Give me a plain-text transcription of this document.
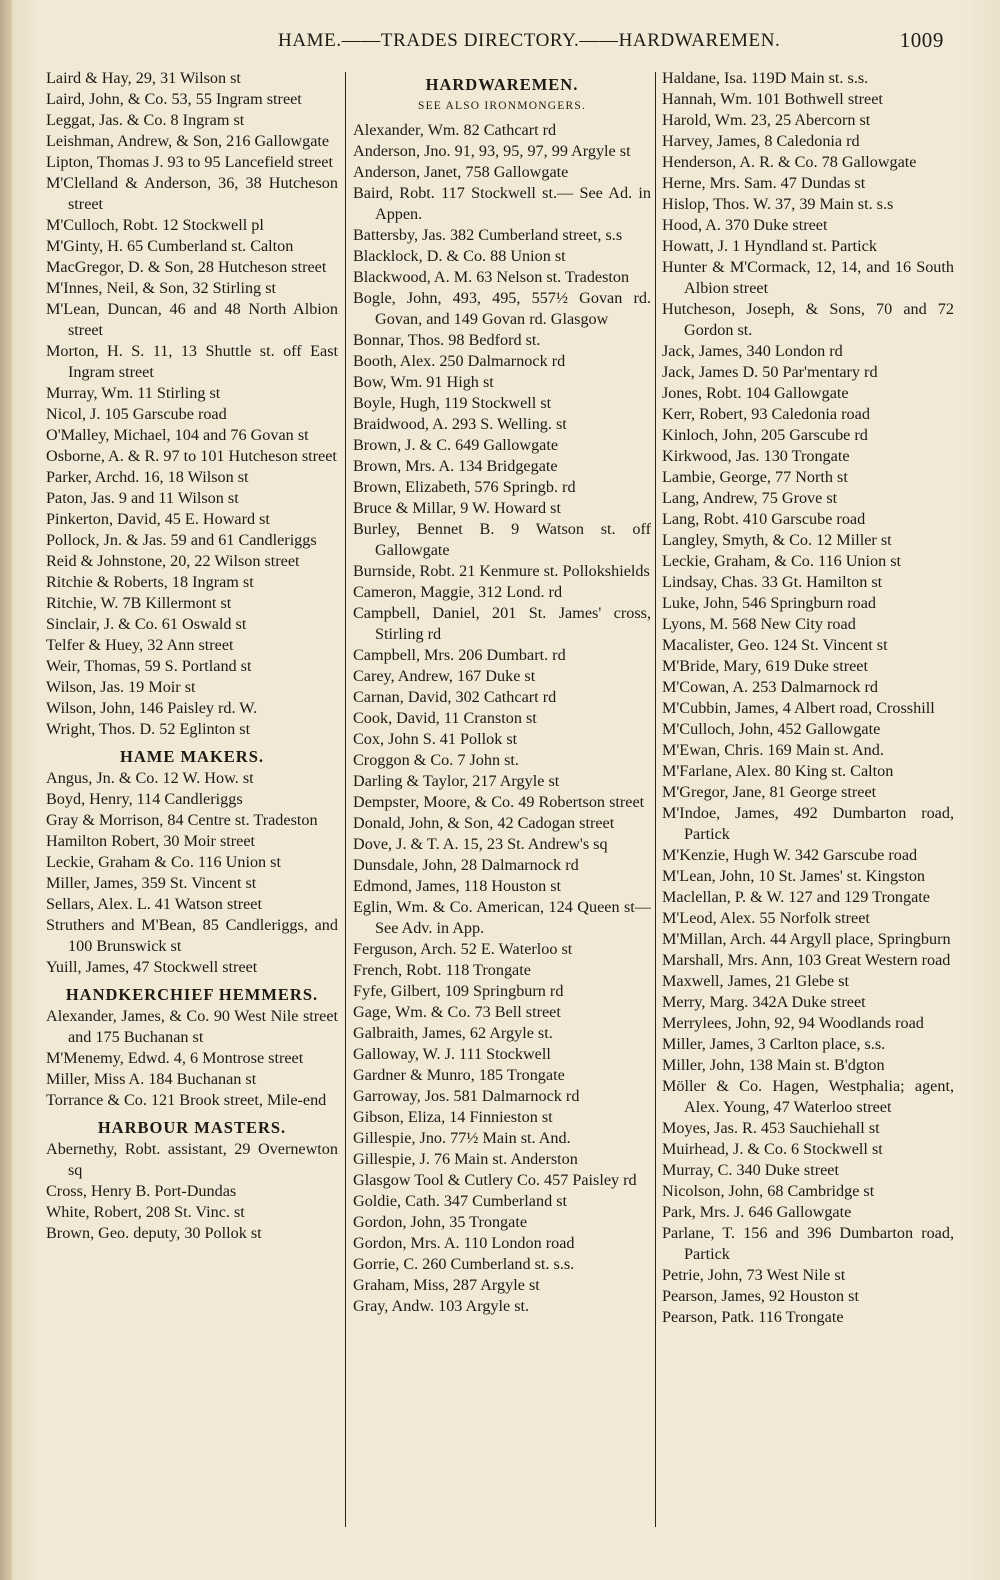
HAME.——TRADES DIRECTORY.——HARDWAREMEN.	1009
Laird & Hay, 29, 31 Wilson st
Laird, John, & Co. 53, 55 Ingram street
Leggat, Jas. & Co. 8 Ingram st
Leishman, Andrew, & Son, 216 Gallowgate
Lipton, Thomas J. 93 to 95 Lancefield street
M'Clelland & Anderson, 36, 38 Hutcheson street
M'Culloch, Robt. 12 Stockwell pl
M'Ginty, H. 65 Cumberland st. Calton
MacGregor, D. & Son, 28 Hutcheson street
M'Innes, Neil, & Son, 32 Stirling st
M'Lean, Duncan, 46 and 48 North Albion street
Morton, H. S. 11, 13 Shuttle st. off East Ingram street
Murray, Wm. 11 Stirling st
Nicol, J. 105 Garscube road
O'Malley, Michael, 104 and 76 Govan st
Osborne, A. & R. 97 to 101 Hutcheson street
Parker, Archd. 16, 18 Wilson st
Paton, Jas. 9 and 11 Wilson st
Pinkerton, David, 45 E. Howard st
Pollock, Jn. & Jas. 59 and 61 Candleriggs
Reid & Johnstone, 20, 22 Wilson street
Ritchie & Roberts, 18 Ingram st
Ritchie, W. 7B Killermont st
Sinclair, J. & Co. 61 Oswald st
Telfer & Huey, 32 Ann street
Weir, Thomas, 59 S. Portland st
Wilson, Jas. 19 Moir st
Wilson, John, 146 Paisley rd. W.
Wright, Thos. D. 52 Eglinton st
HAME MAKERS.
Angus, Jn. & Co. 12 W. How. st
Boyd, Henry, 114 Candleriggs
Gray & Morrison, 84 Centre st. Tradeston
Hamilton Robert, 30 Moir street
Leckie, Graham & Co. 116 Union st
Miller, James, 359 St. Vincent st
Sellars, Alex. L. 41 Watson street
Struthers and M'Bean, 85 Candleriggs, and 100 Brunswick st
Yuill, James, 47 Stockwell street
HANDKERCHIEF HEMMERS.
Alexander, James, & Co. 90 West Nile street and 175 Buchanan st
M'Menemy, Edwd. 4, 6 Montrose street
Miller, Miss A. 184 Buchanan st
Torrance & Co. 121 Brook street, Mile-end
HARBOUR MASTERS.
Abernethy, Robt. assistant, 29 Overnewton sq
Cross, Henry B. Port-Dundas
White, Robert, 208 St. Vinc. st
Brown, Geo. deputy, 30 Pollok st
HARDWAREMEN.
SEE ALSO IRONMONGERS.
Alexander, Wm. 82 Cathcart rd
Anderson, Jno. 91, 93, 95, 97, 99 Argyle st
Anderson, Janet, 758 Gallowgate
Baird, Robt. 117 Stockwell st.— See Ad. in Appen.
Battersby, Jas. 382 Cumberland street, s.s
Blacklock, D. & Co. 88 Union st
Blackwood, A. M. 63 Nelson st. Tradeston
Bogle, John, 493, 495, 557½ Govan rd. Govan, and 149 Govan rd. Glasgow
Bonnar, Thos. 98 Bedford st.
Booth, Alex. 250 Dalmarnock rd
Bow, Wm. 91 High st
Boyle, Hugh, 119 Stockwell st
Braidwood, A. 293 S. Welling. st
Brown, J. & C. 649 Gallowgate
Brown, Mrs. A. 134 Bridgegate
Brown, Elizabeth, 576 Springb. rd
Bruce & Millar, 9 W. Howard st
Burley, Bennet B. 9 Watson st. off Gallowgate
Burnside, Robt. 21 Kenmure st. Pollokshields
Cameron, Maggie, 312 Lond. rd
Campbell, Daniel, 201 St. James' cross, Stirling rd
Campbell, Mrs. 206 Dumbart. rd
Carey, Andrew, 167 Duke st
Carnan, David, 302 Cathcart rd
Cook, David, 11 Cranston st
Cox, John S. 41 Pollok st
Croggon & Co. 7 John st.
Darling & Taylor, 217 Argyle st
Dempster, Moore, & Co. 49 Robertson street
Donald, John, & Son, 42 Cadogan street
Dove, J. & T. A. 15, 23 St. Andrew's sq
Dunsdale, John, 28 Dalmarnock rd
Edmond, James, 118 Houston st
Eglin, Wm. & Co. American, 124 Queen st—See Adv. in App.
Ferguson, Arch. 52 E. Waterloo st
French, Robt. 118 Trongate
Fyfe, Gilbert, 109 Springburn rd
Gage, Wm. & Co. 73 Bell street
Galbraith, James, 62 Argyle st.
Galloway, W. J. 111 Stockwell
Gardner & Munro, 185 Trongate
Garroway, Jos. 581 Dalmarnock rd
Gibson, Eliza, 14 Finnieston st
Gillespie, Jno. 77½ Main st. And.
Gillespie, J. 76 Main st. Anderston
Glasgow Tool & Cutlery Co. 457 Paisley rd
Goldie, Cath. 347 Cumberland st
Gordon, John, 35 Trongate
Gordon, Mrs. A. 110 London road
Gorrie, C. 260 Cumberland st. s.s.
Graham, Miss, 287 Argyle st
Gray, Andw. 103 Argyle st.
Haldane, Isa. 119D Main st. s.s.
Hannah, Wm. 101 Bothwell street
Harold, Wm. 23, 25 Abercorn st
Harvey, James, 8 Caledonia rd
Henderson, A. R. & Co. 78 Gallowgate
Herne, Mrs. Sam. 47 Dundas st
Hislop, Thos. W. 37, 39 Main st. s.s
Hood, A. 370 Duke street
Howatt, J. 1 Hyndland st. Partick
Hunter & M'Cormack, 12, 14, and 16 South Albion street
Hutcheson, Joseph, & Sons, 70 and 72 Gordon st.
Jack, James, 340 London rd
Jack, James D. 50 Par'mentary rd
Jones, Robt. 104 Gallowgate
Kerr, Robert, 93 Caledonia road
Kinloch, John, 205 Garscube rd
Kirkwood, Jas. 130 Trongate
Lambie, George, 77 North st
Lang, Andrew, 75 Grove st
Lang, Robt. 410 Garscube road
Langley, Smyth, & Co. 12 Miller st
Leckie, Graham, & Co. 116 Union st
Lindsay, Chas. 33 Gt. Hamilton st
Luke, John, 546 Springburn road
Lyons, M. 568 New City road
Macalister, Geo. 124 St. Vincent st
M'Bride, Mary, 619 Duke street
M'Cowan, A. 253 Dalmarnock rd
M'Cubbin, James, 4 Albert road, Crosshill
M'Culloch, John, 452 Gallowgate
M'Ewan, Chris. 169 Main st. And.
M'Farlane, Alex. 80 King st. Calton
M'Gregor, Jane, 81 George street
M'Indoe, James, 492 Dumbarton road, Partick
M'Kenzie, Hugh W. 342 Garscube road
M'Lean, John, 10 St. James' st. Kingston
Maclellan, P. & W. 127 and 129 Trongate
M'Leod, Alex. 55 Norfolk street
M'Millan, Arch. 44 Argyll place, Springburn
Marshall, Mrs. Ann, 103 Great Western road
Maxwell, James, 21 Glebe st
Merry, Marg. 342A Duke street
Merrylees, John, 92, 94 Woodlands road
Miller, James, 3 Carlton place, s.s.
Miller, John, 138 Main st. B'dgton
Möller & Co. Hagen, Westphalia; agent, Alex. Young, 47 Waterloo street
Moyes, Jas. R. 453 Sauchiehall st
Muirhead, J. & Co. 6 Stockwell st
Murray, C. 340 Duke street
Nicolson, John, 68 Cambridge st
Park, Mrs. J. 646 Gallowgate
Parlane, T. 156 and 396 Dumbarton road, Partick
Petrie, John, 73 West Nile st
Pearson, James, 92 Houston st
Pearson, Patk. 116 Trongate
